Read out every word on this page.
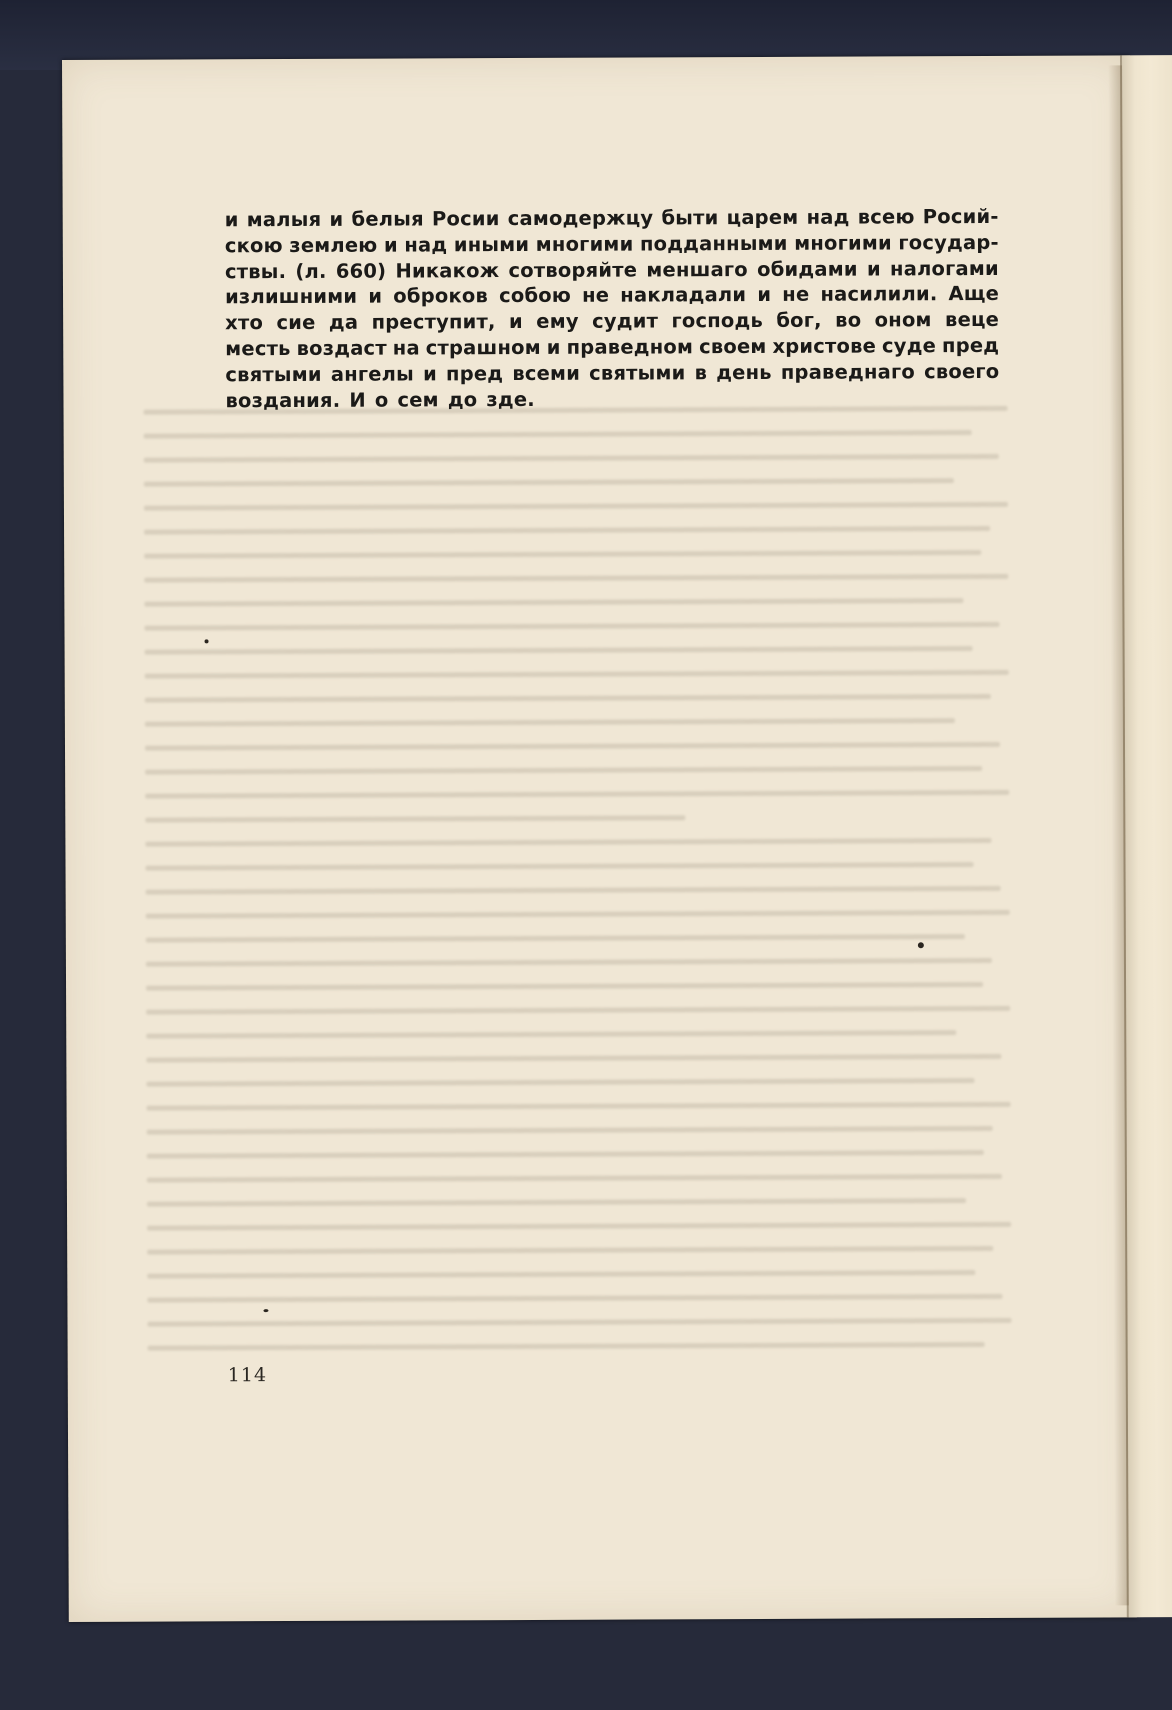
и малыя и белыя Росии самодержцу быти царем над всею Росий-
скою землею и над иными многими подданными многими государ-
ствы. (л. 660) Никакож сотворяйте меншаго обидами и налогами
излишними и оброков собою не накладали и не насилили. Аще
хто сие да преступит, и ему судит господь бог, во оном веце
месть воздаст на страшном и праведном своем христове суде пред
святыми ангелы и пред всеми святыми в день праведнаго своего
воздания. И о сем до зде.
114
